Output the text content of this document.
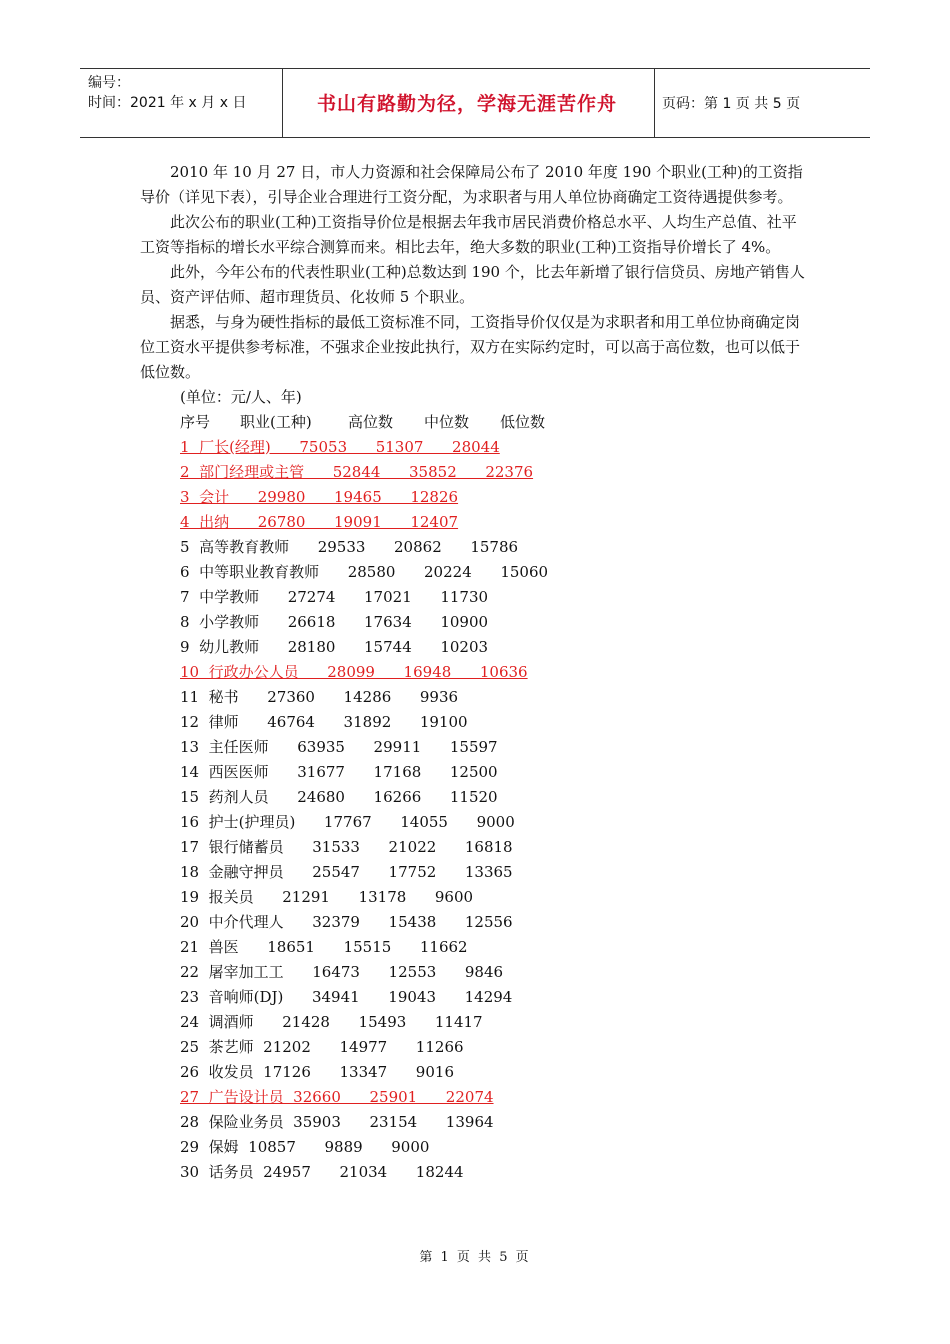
编号：
时间：2021 年 x 月 x 日	书山有路勤为径，学海无涯苦作舟	页码：第 1 页 共 5 页

2010 年 10 月 27 日，市人力资源和社会保障局公布了 2010 年度 190 个职业(工种)的工资指导价（详见下表），引导企业合理进行工资分配，为求职者与用人单位协商确定工资待遇提供参考。

此次公布的职业(工种)工资指导价位是根据去年我市居民消费价格总水平、人均生产总值、社平工资等指标的增长水平综合测算而来。相比去年，绝大多数的职业(工种)工资指导价增长了 4%。

此外，今年公布的代表性职业(工种)总数达到 190 个，比去年新增了银行信贷员、房地产销售人员、资产评估师、超市理货员、化妆师 5 个职业。

据悉，与身为硬性指标的最低工资标准不同，工资指导价仅仅是为求职者和用工单位协商确定岗位工资水平提供参考标准，不强求企业按此执行，双方在实际约定时，可以高于高位数，也可以低于低位数。

(单位：元/人、年)
序号 职业(工种) 高位数 中位数 低位数
1  厂长(经理)      75053      51307      28044
2  部门经理或主管      52844      35852      22376
3  会计      29980      19465      12826
4  出纳      26780      19091      12407
5  高等教育教师      29533      20862      15786
6  中等职业教育教师      28580      20224      15060
7  中学教师      27274      17021      11730
8  小学教师      26618      17634      10900
9  幼儿教师      28180      15744      10203
10  行政办公人员      28099      16948      10636
11  秘书      27360      14286      9936
12  律师      46764      31892      19100
13  主任医师      63935      29911      15597
14  西医医师      31677      17168      12500
15  药剂人员      24680      16266      11520
16  护士(护理员)      17767      14055      9000
17  银行储蓄员      31533      21022      16818
18  金融守押员      25547      17752      13365
19  报关员      21291      13178      9600
20  中介代理人      32379      15438      12556
21  兽医      18651      15515      11662
22  屠宰加工工      16473      12553      9846
23  音响师(DJ)      34941      19043      14294
24  调酒师      21428      15493      11417
25  茶艺师  21202      14977      11266
26  收发员  17126      13347      9016
27  广告设计员  32660      25901      22074
28  保险业务员  35903      23154      13964
29  保姆  10857      9889      9000
30  话务员  24957      21034      18244
第 1 页 共 5 页
